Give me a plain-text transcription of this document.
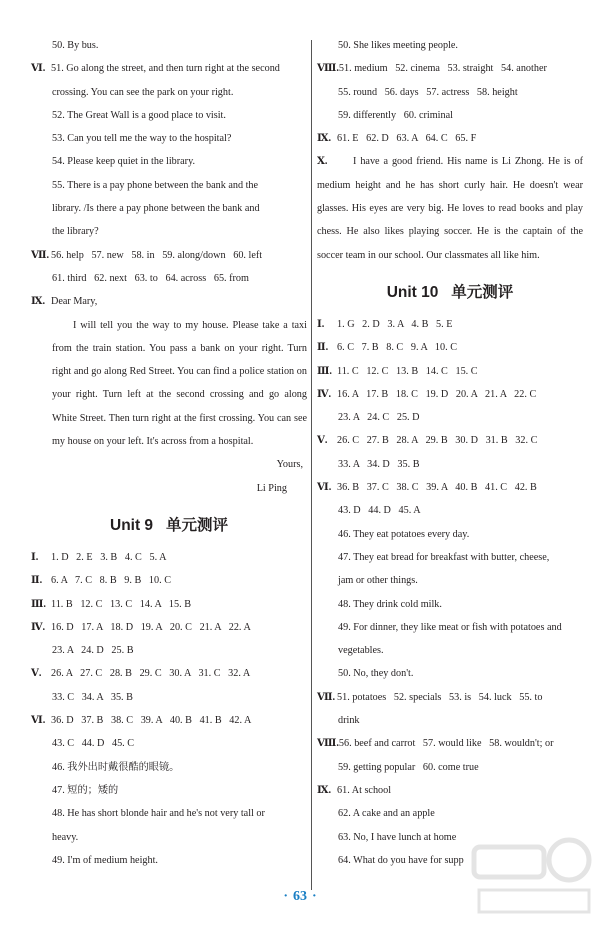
50. By bus.
Ⅵ. 51. Go along the street, and then turn right at the second
crossing. You can see the park on your right.
52. The Great Wall is a good place to visit.
53. Can you tell me the way to the hospital?
54. Please keep quiet in the library.
55. There is a pay phone between the bank and the
library. /Is there a pay phone between the bank and
the library?
Ⅶ. 56. help   57. new   58. in   59. along/down   60. left
61. third   62. next   63. to   64. across   65. from
Ⅸ. Dear Mary,
I will tell you the way to my house. Please take a taxi from the train station. You pass a bank on your right. Turn right and go along Red Street. You can find a police station on your right. Turn left at the second crossing and go along White Street. Then turn right at the first crossing. You can see my house on your left. It's across from a hospital.
Yours,
Li Ping
Unit 9   单元测评
Ⅰ. 1. D   2. E   3. B   4. C   5. A
Ⅱ. 6. A   7. C   8. B   9. B   10. C
Ⅲ. 11. B   12. C   13. C   14. A   15. B
Ⅳ. 16. D   17. A   18. D   19. A   20. C   21. A   22. A
23. A   24. D   25. B
Ⅴ. 26. A   27. C   28. B   29. C   30. A   31. C   32. A
33. C   34. A   35. B
Ⅵ. 36. D   37. B   38. C   39. A   40. B   41. B   42. A
43. C   44. D   45. C
46. 我外出时戴很酷的眼镜。
47. 短的；矮的
48. He has short blonde hair and he's not very tall or
heavy.
49. I'm of medium height.
50. She likes meeting people.
Ⅷ.51. medium   52. cinema   53. straight   54. another
55. round   56. days   57. actress   58. height
59. differently   60. criminal
Ⅸ. 61. E   62. D   63. A   64. C   65. F
Ⅹ.	I have a good friend. His name is Li Zhong. He is of medium height and he has short curly hair. He doesn't wear glasses. His eyes are very big. He loves to read books and play chess. He also likes playing soccer. He is the captain of the soccer team in our school. Our classmates all like him.
Unit 10   单元测评
Ⅰ. 1. G   2. D   3. A   4. B   5. E
Ⅱ. 6. C   7. B   8. C   9. A   10. C
Ⅲ. 11. C   12. C   13. B   14. C   15. C
Ⅳ. 16. A   17. B   18. C   19. D   20. A   21. A   22. C
23. A   24. C   25. D
Ⅴ. 26. C   27. B   28. A   29. B   30. D   31. B   32. C
33. A   34. D   35. B
Ⅵ. 36. B   37. C   38. C   39. A   40. B   41. C   42. B
43. D   44. D   45. A
46. They eat potatoes every day.
47. They eat bread for breakfast with butter, cheese,
jam or other things.
48. They drink cold milk.
49. For dinner, they like meat or fish with potatoes and
vegetables.
50. No, they don't.
Ⅶ. 51. potatoes   52. specials   53. is   54. luck   55. to
drink
Ⅷ.56. beef and carrot   57. would like   58. wouldn't; or
59. getting popular   60. come true
Ⅸ. 61. At school
62. A cake and an apple
63. No, I have lunch at home
64. What do you have for supp
· 63 ·
